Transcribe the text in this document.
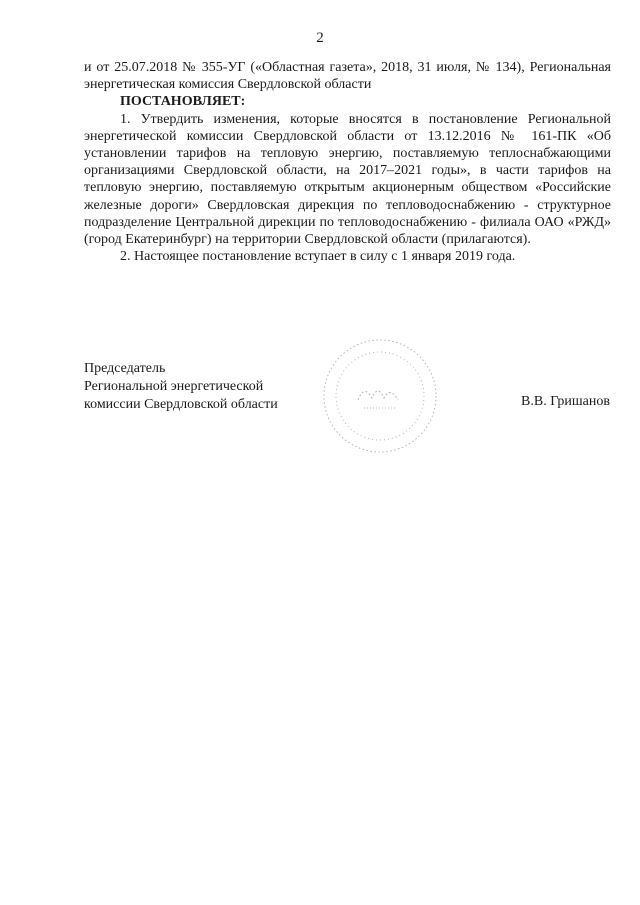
2

и от 25.07.2018 № 355-УГ («Областная газета», 2018, 31 июля, № 134), Региональная энергетическая комиссия Свердловской области

ПОСТАНОВЛЯЕТ:

1. Утвердить изменения, которые вносятся в постановление Региональной энергетической комиссии Свердловской области от 13.12.2016 № 161-ПК «Об установлении тарифов на тепловую энергию, поставляемую теплоснабжающими организациями Свердловской области, на 2017–2021 годы», в части тарифов на тепловую энергию, поставляемую открытым акционерным обществом «Российские железные дороги» Свердловская дирекция по тепловодоснабжению - структурное подразделение Центральной дирекции по тепловодоснабжению - филиала ОАО «РЖД» (город Екатеринбург) на территории Свердловской области (прилагаются).

2. Настоящее постановление вступает в силу с 1 января 2019 года.

Председатель
Региональной энергетической
комиссии Свердловской области	В.В. Гришанов
